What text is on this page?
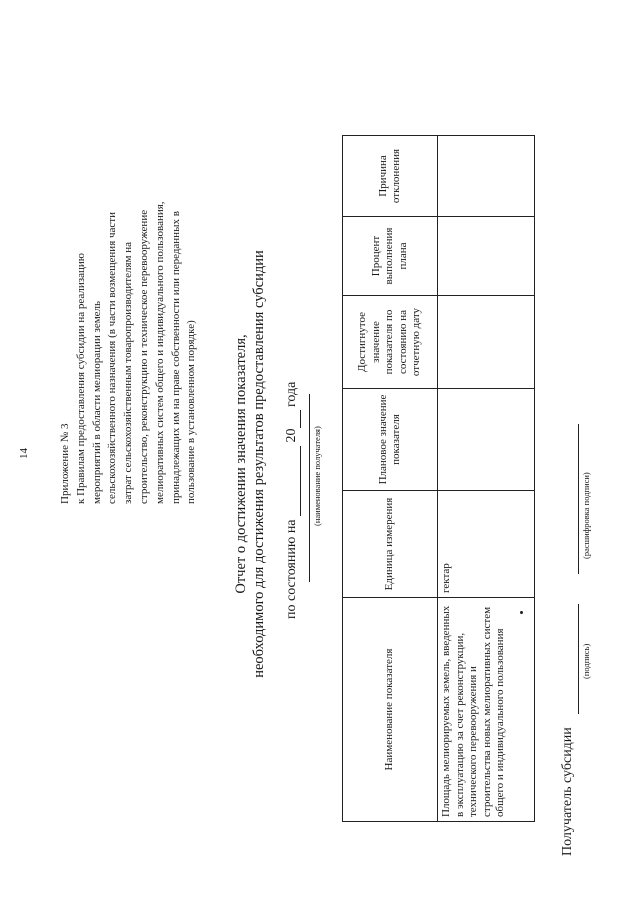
14	Приложение № 3 к Правилам предоставления субсидии на реализацию мероприятий в области мелиорации земель сельскохозяйственного назначения (в части возмещения части затрат сельскохозяйственным товаропроизводителям на строительство, реконструкцию и техническое перевооружение мелиоративных систем общего и индивидуального пользования, принадлежащих им на праве собственности или переданных в пользование в установленном порядке) Отчет о достижении значения показателя, необходимого для достижения результатов предоставления субсидии по состоянию на   20  года
(наименование получателя)
Наименование показателя	Единица измерения	Плановое значение показателя	Достигнутое значение показателя по состоянию на отчетную дату	Процент выполнения плана	Причина отклонения
Площадь мелиорируемых земель, введенных в эксплуатацию за счет реконструкции, технического перевооружения и строительства новых мелиоративных систем общего и индивидуального пользования	гектар				
Получатель субсидии
(подпись)
(расшифровка подписи)
